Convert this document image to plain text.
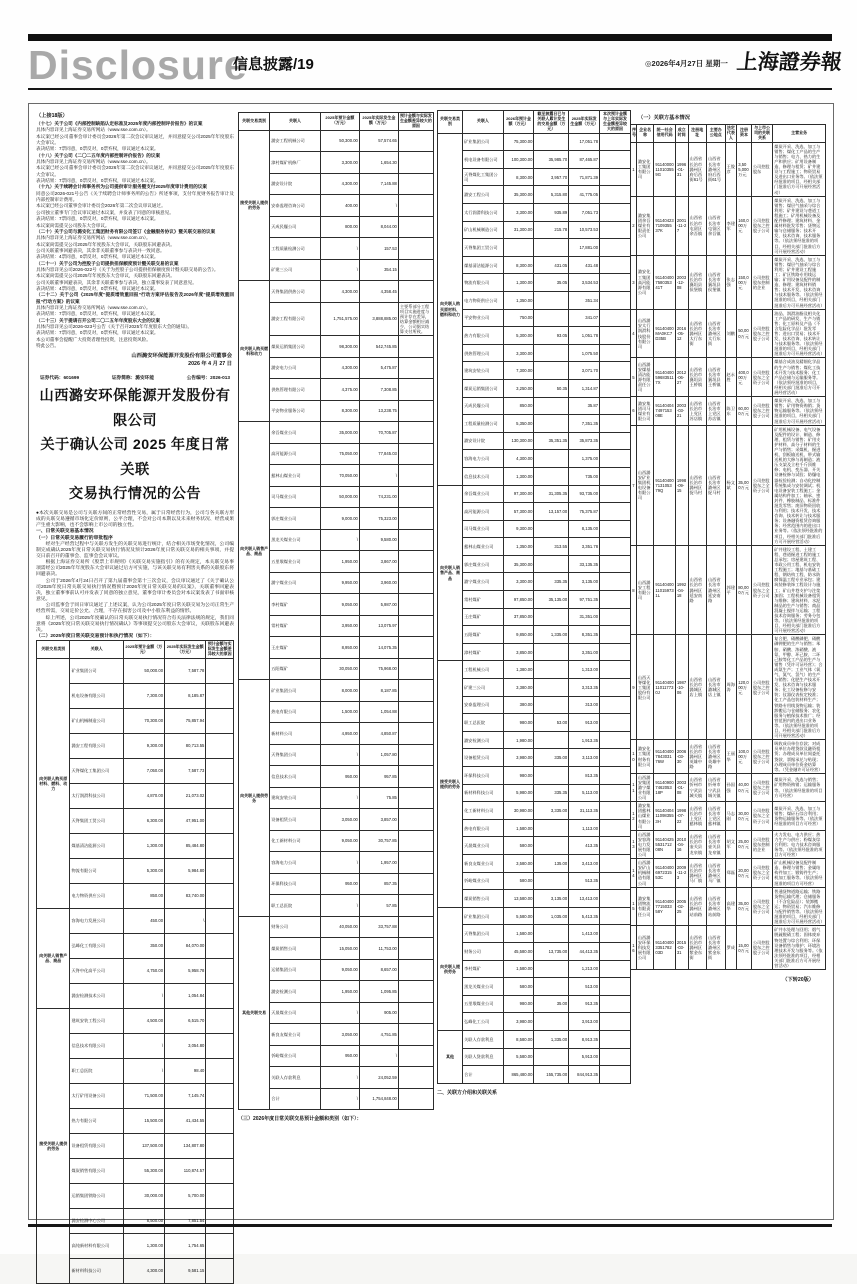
Disclosure
信息披露/19	◎2026年4月27日 星期一 上海證券報
（上接18版）
（十七）关于公司《内部控制缺陷认定标准及2025年度内部控制评价报告》的议案
具体内容详见上海证券交易所网站（www.sse.com.cn）。
本议案已经公司董事会审计委员会2026年第二次会议审议通过，并同意提交公司2025年年度股东大会审议。
表决结果：7票同意，0票反对，0票弃权，审议通过本议案。
（十八）关于公司《二〇二五年度内部控制评价报告》的议案
具体内容详见上海证券交易所网站（www.sse.com.cn）。
本议案已经公司董事会审计委员会2026年第二次会议审议通过，并同意提交公司2025年年度股东大会审议。
表决结果：7票同意，0票反对，0票弃权，审议通过本议案。
（十九）关于续聘会计师事务所为公司提供审计服务暨支付2025年度审计费用的议案
同意公司2026-021号公告《关于续聘会计师事务所的公告》所述事项，支付年度财务报告审计及内部控制审计费用。
本议案已经公司董事会审计委员会2026年第二次会议审议通过。
公司独立董事专门会议审议通过本议案，并发表了同意的审核意见。
表决结果：7票同意，0票反对，0票弃权，审议通过本议案。
本议案尚需提交公司股东大会审议。
（二十）关于公司与潞安化工集团财务有限公司签订《金融服务协议》暨关联交易的议案
具体内容详见上海证券交易所网站（www.sse.com.cn）。
本议案尚需提交公司2025年年度股东大会审议，关联股东回避表决。
公司关联董事回避表决，其余非关联董事参与表决并一致同意。
表决结果：4票同意，0票反对，0票弃权，审议通过本议案。
（二十一）关于公司为控股子公司提供担保额度预计暨关联交易的议案
具体内容详见公司2026-022号《关于为控股子公司提供担保额度预计暨关联交易的公告》。
本议案尚需提交公司2025年年度股东大会审议，关联股东回避表决。
公司关联董事回避表决，其余非关联董事参与表决，独立董事发表了同意意见。
表决结果：4票同意，0票反对，0票弃权，审议通过本议案。
（二十二）关于公司《2025年度“提质增效重回报”行动方案评估报告及2026年度“提质增效重回报”行动方案》的议案
具体内容详见上海证券交易所网站（www.sse.com.cn）。
表决结果：7票同意，0票反对，0票弃权，审议通过本议案。
（二十三）关于提请召开公司二〇二五年年度股东大会的议案
具体内容详见公司2026-023号公告《关于召开2025年年度股东大会的通知》。
表决结果：7票同意，0票反对，0票弃权，审议通过本议案。
本公司董事会提醒广大投资者理性投资，注意投资风险。
特此公告。
山西潞安环保能源开发股份有限公司董事会
2026 年 4 月 27 日
证券代码：601699	证券简称：潞安环能	公告编号：2026-013
山西潞安环保能源开发股份有限公司
关于确认公司 2025 年度日常关联
交易执行情况的公告

●本次关联交易是公司与关联方间的正常经营性交易，属于日常经营行为，公司与各关联方形成的关联交易遵循市场化定价原则，公平合理，不会对公司本期以及未来财务状况、经营成果产生重大影响，也不会影响上市公司的独立性。

一、日常关联交易基本情况

（一）日常关联交易履行的审批程序

经对生产经营过程中与关联方发生的关联交易进行统计，结合相关市场变化情况，公司编制完成确认2025年度日常关联交易执行情况及预计2026年度日常关联交易的相关事项，并提交日前召开的董事会、监事会会议审议。

根据上海证券交易所《股票上市规则》《关联交易实施指引》的有关规定，本关联交易事项需经公司2025年年度股东大会审议通过后方可实施，与该关联交易有利害关系的关联股东将回避表决。

公司于2026年4月24日召开了第九届董事会第十三次会议，会议审议通过了《关于确认公司2025年度日常关联交易执行情况暨预计2026年度日常关联交易的议案》，关联董事回避表决，独立董事事前认可并发表了同意的独立意见，董事会审计委员会对本议案发表了书面审核意见。

公司监事会于同日审议通过了上述议案，认为公司2025年度日常关联交易为公司正常生产经营所需，交易定价公允、合理，不存在损害公司及中小股东利益的情形。

综上所述，公司2025年度确认的日常关联交易执行情况符合有关法律法规的规定，我们同意将《2025年度日常关联交易执行情况确认》等事项提交公司股东大会审议，关联股东回避表决。

（二）2025年度日常关联交易预计和执行情况（如下）：

关联交易类别	关联人	2025年预计金额（万元）	2025年实际发生金额（万元）	预计金额与实际发生金额差异较大的原因
向关联人购买原材料、燃料、动力	矿业集团公司	50,000.00	7,587.78	
	机电设备有限公司	7,300.00	8,185.87	
	矿山机械制造公司	70,300.00	75,857.94	
	潞安工程有限公司	9,300.00	80,713.55	
	天脊煤化工集团公司	7,050.00	7,587.73	
	太行润滑科技公司	4,870.00	21,073.02	
	天脊集团工贸公司	6,300.00	47,951.00	
	煤基清洁能源公司	1,300.00	85,484.80	
	物流有限公司	5,300.00	5,984.80	
	电力物资供应公司	850.00	83,740.00	
向关联人销售产品、商品	容海电力发展公司	450.00	\	
	弘峰化工有限公司	350.00	84,070.00	
	天脊中化高平公司	4,750.00	5,958.78	
	潞安检测技术公司	\	1,054.84	
接受关联人提供的劳务	建筑安装工程公司	4,500.00	6,515.70	
	信息技术有限公司	\	3,054.80	
	职工总医院	\	98.40	
	太行矿用设备公司	71,500.00	7,145.74	
	热力有限公司	15,500.00	41,434.55	
	设备租赁有限公司	137,500.00	134,807.80	
	煤炭销售有限公司	55,300.00	110,874.57	
	运销集团铁路公司	30,000.00	5,700.00	
	潞安检测中心公司	8,500.00	7,851.54	
	高纯新材料有限公司	1,300.00	1,754.65	
	新材料科技公司	4,300.00	9,581.15	
关联交易类别	关联人	2025年预计金额（万元）	2025年实际发生金额（万元）	预计金额与实际发生金额差异较大的原因
接受关联人提供的劳务	潞安工程机械公司	50,300.00	57,574.65	
	漳村煤矿机修厂	3,300.00	1,654.30	
	潞安设计院	4,300.00	7,145.88	
	安泰监理咨询公司	400.00	\	
	天成民爆公司	800.00	8,044.00	
	工程质量检测公司	\	157.53	
	矿建三公司	\	354.15	
向关联人购买燃料和动力	天脊集团供热公司	4,300.00	4,358.45	
	潞安工程有限公司	1,751,575.00	3,888,885.00	主要系部分工程项目实施进度与预计存在差异，结算金额相应减少，公司据实结算支付所致。
	煤炭运销集团公司	98,300.00	542,745.85	
	潞安电力公司	4,300.00	5,475.87	
	供热管理有限公司	4,375.00	7,308.85	
	平安物业服务公司	8,300.00	13,238.75	
向关联人销售产品、商品	余吾煤业公司	35,000.00	70,705.87	
	高河能源公司	75,050.00	77,845.03	
	慈林山煤业公司	70,050.00	\	
	司马煤业公司	50,000.00	74,231.00	
	郭庄煤业公司	9,000.00	75,323.00	
	黑龙关煤业公司	\	9,580.00	
	五里堠煤业公司	1,950.00	3,867.00	
	潞宁煤业公司	9,950.00	3,960.00	
	李村煤矿	9,050.00	5,987.00	
	常村煤矿	3,950.00	13,075.97	
	王庄煤矿	8,950.00	14,075.35	
	五阳煤矿	30,050.00	75,968.00	
向关联人提供劳务	矿业集团公司	8,000.00	8,187.85	
	热电有限公司	1,500.00	1,054.88	
	新材料公司	4,950.00	4,850.87	
	天脊集团公司	\	1,057.80	
	信息技术公司	950.00	957.85	
	建筑安装公司	\	75.85	
	设备租赁公司	3,050.00	3,857.00	
	化工新材料公司	9,050.00	30,757.85	
	容海电力公司	\	1,957.00	
	环保科技公司	950.00	857.35	
	职工总医院	\	57.85	
其他关联交易	财务公司	40,050.00	33,757.88	
	煤炭销售公司	15,050.00	11,753.00	
	运销集团公司	9,050.00	8,657.00	
	潞安检测公司	1,950.00	1,095.85	
	天晟煤业公司	\	905.00	
	新良友煤业公司	3,050.00	4,751.85	
	忻峪煤业公司	950.00	\	
	关联人存款利息	\	24,052.59	
	合计	\	1,754,848.00	
（三）2026年度日常关联交易预计金额和类别（如下）：
关联交易类别	关联人	2026年预计金额（万元）	截至披露日已与关联人累计发生的交易金额（万元）	2025年实际发生金额（万元）	本次预计金额与上年实际发生金额差异较大的原因
向关联人购买原材料、燃料和动力	矿业集团公司	75,300.00		17,051.78	
	机电设备有限公司	100,300.00	35,985.70	87,465.87	
	天脊煤化工集团公司	8,300.00	3,957.70	71,871.39	
	潞安工程公司	35,300.00	5,315.80	41,775.05	
	太行润滑科技公司	3,300.00	935.89	7,051.73	
	矿山机械制造公司	31,300.00	215.78	10,573.53	
	天脊集团工贸公司			17,881.00	
	煤基清洁能源公司	8,300.00	431.05	431.48	
	物流有限公司	1,300.00	35.05	3,534.53	
	电力物资供应公司	1,350.00		351.34	
	平安物业公司	750.00		341.07	
	热力有限公司	5,300.00	93.05	1,051.78	
	供热管理公司	3,300.00		1,075.50	
	建筑安装公司	7,300.00		3,071.70	
	煤炭运销集团公司	3,250.00	50.35	1,314.87	
	天成民爆公司	850.00		35.87	
	工程质量检测公司	5,350.00		7,351.35	
	潞安设计院	130,300.00	35,351.35	35,873.35	
	容海电力公司	4,300.00		1,375.00	
	信息技术公司	1,300.00		735.00	
向关联人销售产品、商品	余吾煤业公司	97,300.00	31,305.35	93,735.00	
	高河能源公司	57,300.00	13,157.00	75,375.87	
	司马煤业公司	9,300.00		8,135.00	
	慈林山煤业公司	1,350.00	313.55	3,351.78	
	郭庄煤业公司	35,300.00		33,135.35	
	潞宁煤业公司	3,300.00	335.35	3,135.00	
	常村煤矿	97,850.00	35,135.00	97,751.35	
	王庄煤矿	37,850.00		31,351.00	
	五阳煤矿	9,850.00	1,335.00	8,351.35	
	漳村煤矿	3,850.00		3,351.00	
接受关联人提供的劳务	工程机械公司	1,380.00		1,313.00	
	矿建三公司	3,380.00		3,313.35	
	安泰监理公司	380.00		313.00	
	职工总医院	980.00	53.00	913.00	
	潞安检测公司	1,980.00		1,913.35	
	设备租赁公司	3,980.00	335.00	3,113.00	
	环保科技公司	980.00		813.35	
	新材料科技公司	5,980.00	335.35	5,113.00	
	化工新材料公司	30,980.00	3,335.00	31,113.35	
	热电有限公司	1,580.00		1,113.00	
	天晟煤业公司	580.00		413.35	
	新良友煤业公司	3,580.00	135.00	3,413.00	
	忻峪煤业公司	580.00		513.35	
	煤炭销售公司	13,580.00	3,135.00	13,413.00	
向关联人提供劳务	矿业集团公司	5,580.00	1,035.00	5,413.35	
	天脊集团公司	1,580.00		1,413.00	
	财务公司	45,580.00	13,735.00	44,413.35	
	李村煤矿	1,580.00		1,213.00	
	黑龙关煤业公司	580.00		513.00	
	五里堠煤业公司	980.00	35.00	913.35	
	弘峰化工公司	3,980.00		3,913.00	
其他	关联人存款利息	8,580.00	1,335.00	8,913.35	
	关联人贷款利息	5,580.00		5,913.00	
	合计	865,480.00	155,735.00	844,913.35	
二、关联方介绍和关联关系
（一）关联方基本情况
序号	企业名称	统一社会信用代码	成立时间	注册地址	主要办公地点	法定代表人	注册资本	与上市公司的关联关系	主营业务
1	潞安化工集团有限公司	91140000110103559G	1996-01-31	山西省长治市潞州区府后西街61号	山西省长治市潞州区府后西街61号	王俊彦	3,505,000万元	公司控股股东	煤炭开采、洗选、加工与销售；煤化工产品的生产与销售；电力、热力的生产和供应；矿用设备制造、修理与租赁；矿井建设与工程施工；物资贸易及进出口业务等。（依法须经批准的项目，经相关部门批准后方可开展经营活动）
2	潞安集团余吾煤业有限责任公司	91140423710935537K	2001-11-27	山西省长治市屯留区余吾镇	山西省长治市屯留区余吾镇	李建军	160,000万元	公司控股股东之控股子公司	煤炭开采、洗选、加工与销售；煤层气抽采与综合利用；矿井建设与巷道工程施工；矿用机械设备及配件修理；建筑材料、金属材料批发零售；货物运输与仓储服务；技术开发、技术咨询、技术服务等。（依法须经批准的项目，经相关部门批准后方可开展经营活动）
3	潞安化工集团高河能源有限公司	91140400758035341T	2003-12-08	山西省长治市襄垣县侯堡镇	山西省长治市襄垣县侯堡镇	张志强	150,000万元	公司控股股东控制的企业	煤炭开采、洗选、加工与销售；煤层气抽采与综合利用；矿井建设工程施工；矿区铁路专用线运输；矿用设备及配件的制造、修理；建筑材料销售；技术开发、技术咨询与技术服务等。（依法须经批准的项目，经相关部门批准后方可开展经营活动）
4	山西潞安太行润滑科技股份有限公司	91140400MA0KC7D35B	2016-05-12	山西省长治市潞州区太行东街	山西省长治市潞州区太行东街	刘鹏	50,000万元	公司控股股东之控股子公司	油品、润滑油脂及相关化工产品的研发、生产与销售；化工原料及产品（不含危险化学品）批发零售；进出口贸易；技术开发、技术咨询、技术转让与技术服务等。（依法须经批准的项目，经相关部门批准后方可开展经营活动）
5	山西潞安煤基清洁能源有限责任公司	91140400596835117X	2012-06-27	山西省长治市襄垣县王桥镇	山西省长治市襄垣县王桥镇	赵永胜	400,000万元	公司控股股东之全资子公司	煤基合成油及精细化学品的生产与销售；煤化工技术开发与技术服务；化工产品仓储与运输服务等。（依法须经批准的项目，经相关部门批准后方可开展经营活动）
6	潞安集团司马煤业有限公司	91140404749715308E	2003-03-21	山西省长治市上党区苏店镇	山西省长治市上党区苏店镇	陈卫东	60,000万元	公司控股股东之控股子公司	煤炭开采、洗选、加工与销售；矿用物资购销；货物运输服务等。（依法须经批准的项目，经相关部门批准后方可开展经营活动）
7	山西潞安矿业集团机电设备有限公司	91140400713105379Q	1998-09-15	山西省长治市潞州区捉马村	山西省长治市潞州区捉马村	杨文斌	35,000万元	公司控股股东之全资子公司	矿用机械设备、电气设备及配件的设计、制造、修理、租赁与销售；矿用支护材料、高分子材料的生产与销售；采煤机、掘进机、刮板输送机、带式输送机的大修与再制造；液压支架及立柱千斤顶维修；电机、变压器、开关设备检修与试验；防爆电器检验检测；自动化控制系统集成与安装调试；机电设备安装工程施工；金属结构件加工；轴承、密封件、橡胶制品、标准件批发零售；废旧物资回收与利用；技术开发、技术咨询、技术转让与技术服务；设备融资租赁咨询服务；经营范围内的进出口业务等。（依法须经批准的项目，经相关部门批准后方可开展经营活动）
8	山西潞安工程有限公司	91140400110159731L	1992-04-18	山西省长治市潞州区延安南路	山西省长治市潞州区延安南路	郭建平	80,000万元	公司控股股东之全资子公司	矿井建设工程、土建工程、巷道掘进工程的施工总承包；房屋建筑工程、市政公用工程、机电安装工程施工；地基与基础工程、钢结构工程、防水防腐保温工程专业承包；建筑装修装饰工程设计与施工；矿山井巷支护与注浆加固；工程机械设备租赁与维修；建筑材料、水泥制品的生产与销售；商品混凝土搅拌与运输；工程技术咨询服务；劳务分包等。（依法须经批准的项目，经相关部门批准后方可开展经营活动）
9	山西天脊煤化工集团股份有限公司	91140400110117730J	1987-10-06	山西省长治市潞城区店上镇	山西省长治市潞城区店上镇	周海涛	120,000万元	公司控股股东之控股子公司	复合肥、硝酸磷肥、硝酸磷钾肥的生产与销售；苯胺、硝酸、浓硝酸、液氨、甲醇、环己胺、二环己胺等化工产品的生产与销售（凭许可证经营）；合成氨生产；工业气体（氧气、氮气、氢气）的生产与销售；化肥生产技术开发、技术咨询与技术服务；化工设备检修与安装；仪器仪表检定校准；化工产品包装材料生产；铁路专用线货物运输；装卸搬运与仓储服务；农化服务与植保技术推广；经营范围内的进出口业务等。（依法须经批准的项目，经相关部门批准后方可开展经营活动）
10	潞安化工集团财务有限公司	91140400784303176W	2006-03-30	山西省长治市潞州区英雄中路	山西省长治市潞州区英雄中路	王丽华	100,000万元	公司控股股东之控股子公司	吸收成员单位存款；对成员单位办理贷款及融资租赁；办理成员单位间委托贷款、票据承兑与贴现；办理成员单位资金结算等。（凭金融许可证经营）
11	山西潞安集团潞宁煤业有限公司	91140900746205318P	2003-01-08	山西省忻州市宁武县城关镇	山西省忻州市宁武县城关镇	孙国强	40,000万元	公司控股股东之控股子公司	煤炭开采、洗选与销售；矿用物资购销；运输服务等。（依法须经批准的项目方可经营）
12	潞安集团慈林山煤业有限公司	91140404110983553H	1998-07-22	山西省长治市上党区慈林镇	山西省长治市上党区慈林镇	马志刚	30,000万元	公司控股股东之全资子公司	煤炭开采、洗选、加工与销售；煤矸石综合利用；货物运输服务等。（依法须经批准的项目方可经营）
13	山西潞安容海电力发展有限公司	91140425553171208N	2010-04-16	山西省长治市壶关县龙泉镇	山西省长治市壶关县龙泉镇	胡文军	25,000万元	公司控股股东控制的企业	火力发电、电力供应；热力生产与供应；粉煤灰综合利用；电力技术咨询服务等。（依法须经批准的项目方可经营）
14	山西潞安矿山机械制造有限公司	91140400697231553C	2009-11-23	山西省长治市潞州区马厂镇	山西省长治市潞州区马厂镇	郑磊	20,000万元	公司控股股东之全资子公司	矿山机械设备及配件制造、修理与销售；金属结构件加工；锻铸件生产；机加工服务等。（依法须经批准的项目方可经营）
15	潞安集团物流有限责任公司	91140400771503358Y	2005-02-25	山西省长治市潞州区站前路	山西省长治市潞州区站前路	高建华	35,000万元	公司控股股东之全资子公司	普通货物道路运输；铁路货物运输代理；仓储服务（不含危险品）；装卸搬运；物资贸易；汽车维修与配件销售等。（依法须经批准的项目，经相关部门批准后方可开展经营活动）
16	山西潞安环保科技发展有限公司	91140400335178203D	2015-03-31	山西省长治市潞州区紫金东街	山西省长治市潞州区紫金东街	罗成	15,000万元	公司控股股东之控股子公司	矿井水处理与回用；烟气脱硫脱硝工程；固体废弃物处置与综合利用；环保设备销售与维护；环境治理技术开发与服务等。（依法须经批准的项目，经相关部门批准后方可开展经营活动）
（下转20版）
